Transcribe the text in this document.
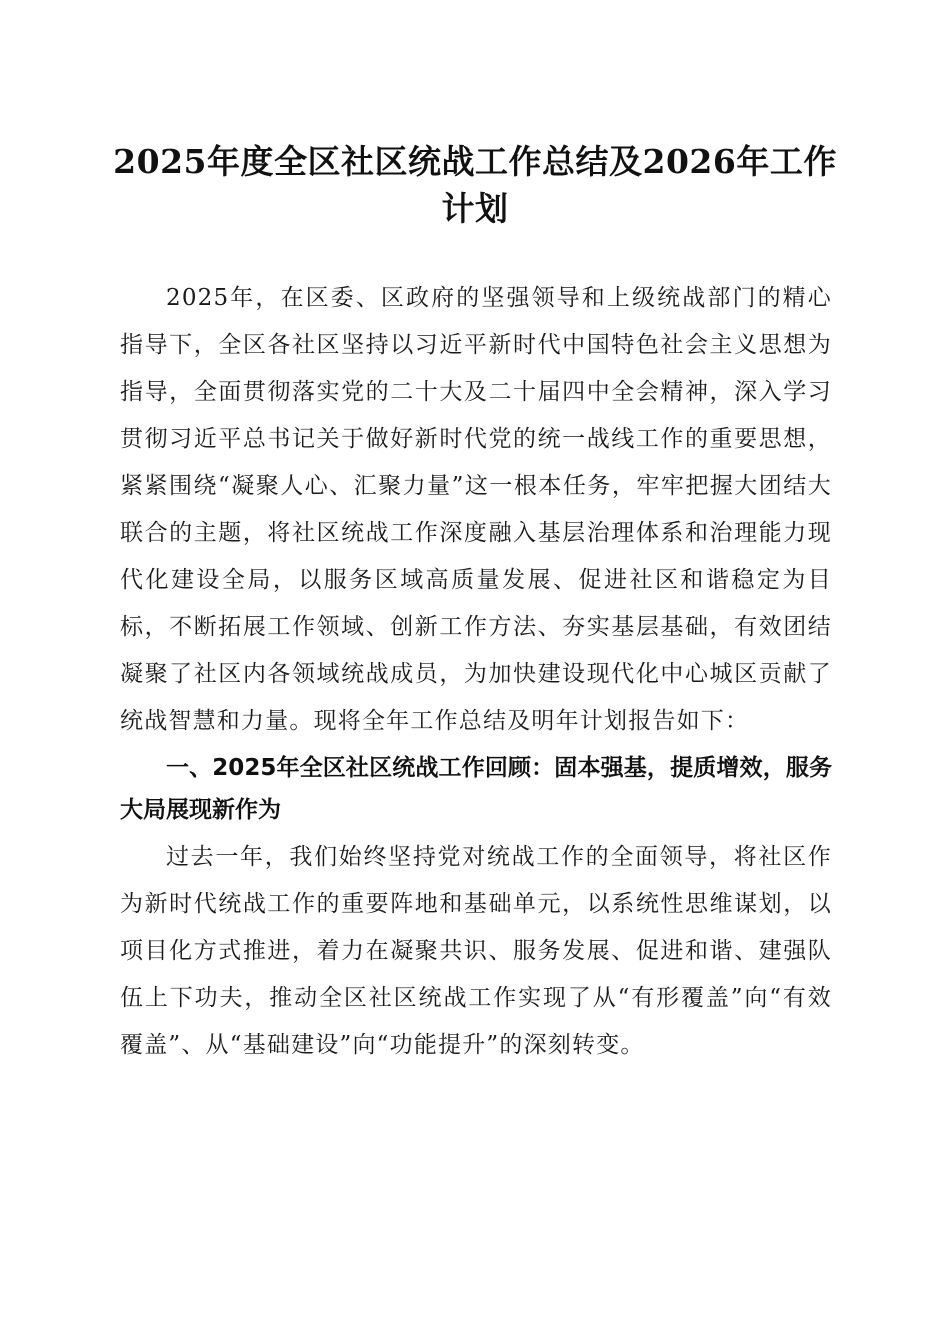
2025年度全区社区统战工作总结及2026年工作计划

2025年，在区委、区政府的坚强领导和上级统战部门的精心指导下，全区各社区坚持以习近平新时代中国特色社会主义思想为指导，全面贯彻落实党的二十大及二十届四中全会精神，深入学习贯彻习近平总书记关于做好新时代党的统一战线工作的重要思想，紧紧围绕“凝聚人心、汇聚力量”这一根本任务，牢牢把握大团结大联合的主题，将社区统战工作深度融入基层治理体系和治理能力现代化建设全局，以服务区域高质量发展、促进社区和谐稳定为目标，不断拓展工作领域、创新工作方法、夯实基层基础，有效团结凝聚了社区内各领域统战成员，为加快建设现代化中心城区贡献了统战智慧和力量。现将全年工作总结及明年计划报告如下：

一、2025年全区社区统战工作回顾：固本强基，提质增效，服务大局展现新作为

过去一年，我们始终坚持党对统战工作的全面领导，将社区作为新时代统战工作的重要阵地和基础单元，以系统性思维谋划，以项目化方式推进，着力在凝聚共识、服务发展、促进和谐、建强队伍上下功夫，推动全区社区统战工作实现了从“有形覆盖”向“有效覆盖”、从“基础建设”向“功能提升”的深刻转变。
